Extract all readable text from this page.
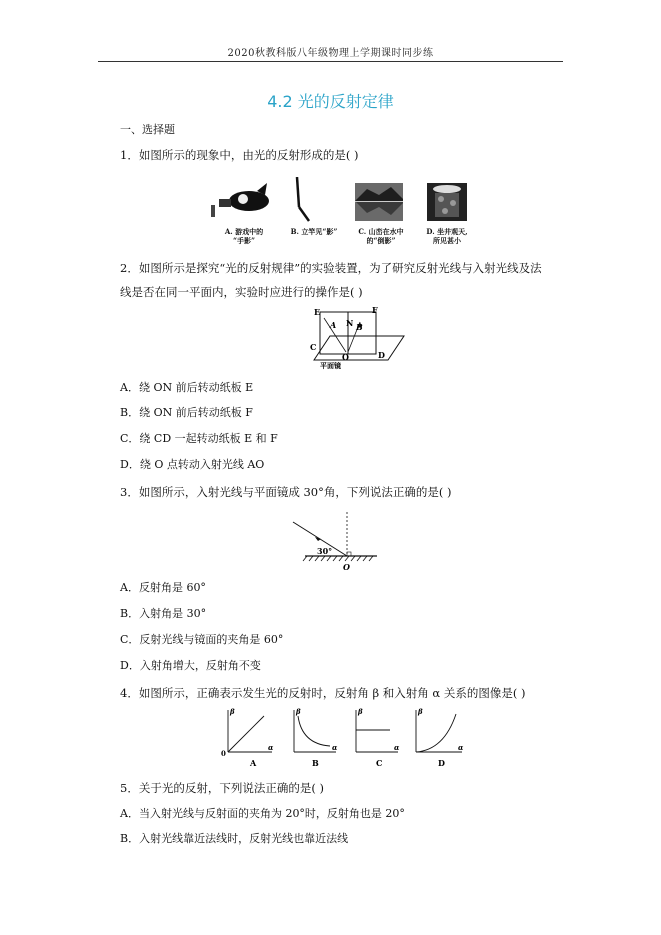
2020秋教科版八年级物理上学期课时同步练
4.2 光的反射定律
一、选择题
1．如图所示的现象中，由光的反射形成的是( )
A. 游戏中的
“手影”
B. 立竿见“影”	C. 山峦在水中
的“倒影”
D. 坐井观天,
所见甚小
2．如图所示是探究“光的反射规律”的实验装置，为了研究反射光线与入射光线及法
线是否在同一平面内，实验时应进行的操作是( )
E	F
A N B
C
O	D
平面镜
A．绕 ON 前后转动纸板 E
B．绕 ON 前后转动纸板 F
C．绕 CD 一起转动纸板 E 和 F
D．绕 O 点转动入射光线 AO
3．如图所示，入射光线与平面镜成 30°角，下列说法正确的是( )
30°
O
A．反射角是 60°
B．入射角是 30°
C．反射光线与镜面的夹角是 60°
D．入射角增大，反射角不变
4．如图所示，正确表示发生光的反射时，反射角 β 和入射角 α 关系的图像是( )
β
α
0
A
β
α
B
β
α
C
β
α
D
5．关于光的反射，下列说法正确的是( )
A．当入射光线与反射面的夹角为 20°时，反射角也是 20°
B．入射光线靠近法线时，反射光线也靠近法线
